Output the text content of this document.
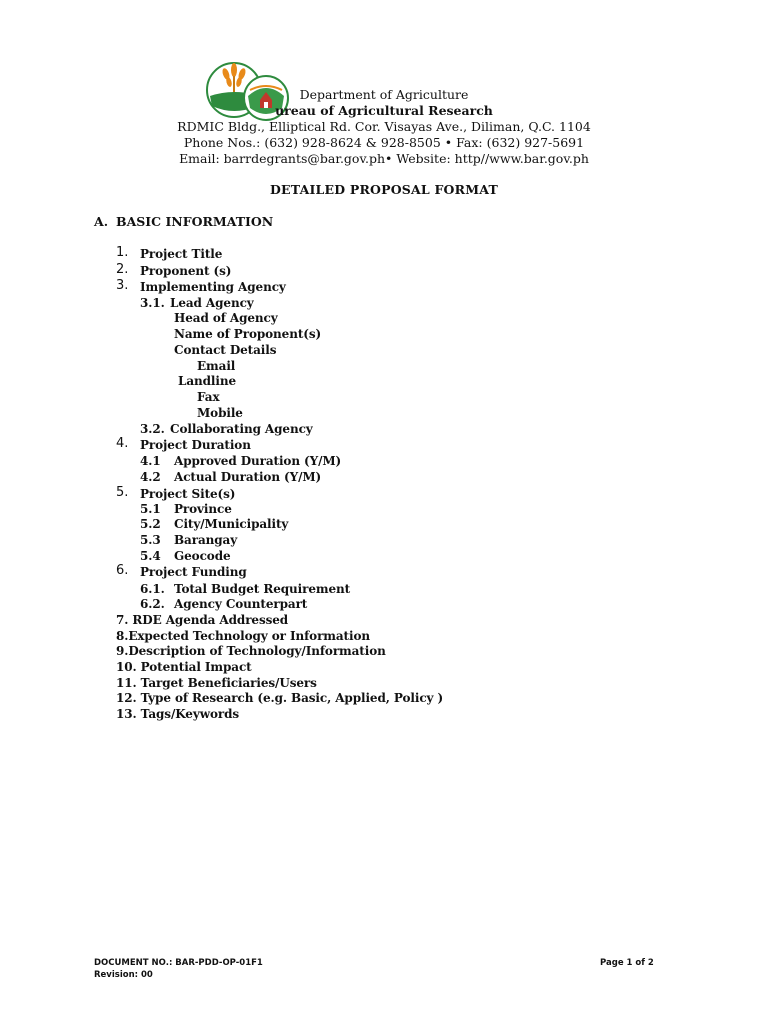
Department of Agriculture
ureau of Agricultural Research
RDMIC Bldg., Elliptical Rd. Cor. Visayas Ave., Diliman, Q.C. 1104
Phone Nos.: (632) 928-8624 & 928-8505 • Fax: (632) 927-5691
Email: barrdegrants@bar.gov.ph• Website: http//www.bar.gov.ph
DETAILED PROPOSAL FORMAT
A. BASIC INFORMATION
1. Project Title
2. Proponent (s)
3. Implementing Agency
3.1. Lead Agency
Head of Agency
Name of Proponent(s)
Contact Details
Email
Landline
Fax
Mobile
3.2. Collaborating Agency
4. Project Duration
4.1 Approved Duration (Y/M)
4.2 Actual Duration (Y/M)
5. Project Site(s)
5.1 Province
5.2 City/Municipality
5.3 Barangay
5.4 Geocode
6. Project Funding
6.1. Total Budget Requirement
6.2. Agency Counterpart
7. RDE Agenda Addressed
8.Expected Technology or Information
9.Description of Technology/Information
10. Potential Impact
11. Target Beneficiaries/Users
12. Type of Research (e.g. Basic, Applied, Policy )
13. Tags/Keywords
DOCUMENT NO.: BAR-PDD-OP-01F1
Revision: 00
Page 1 of 2
